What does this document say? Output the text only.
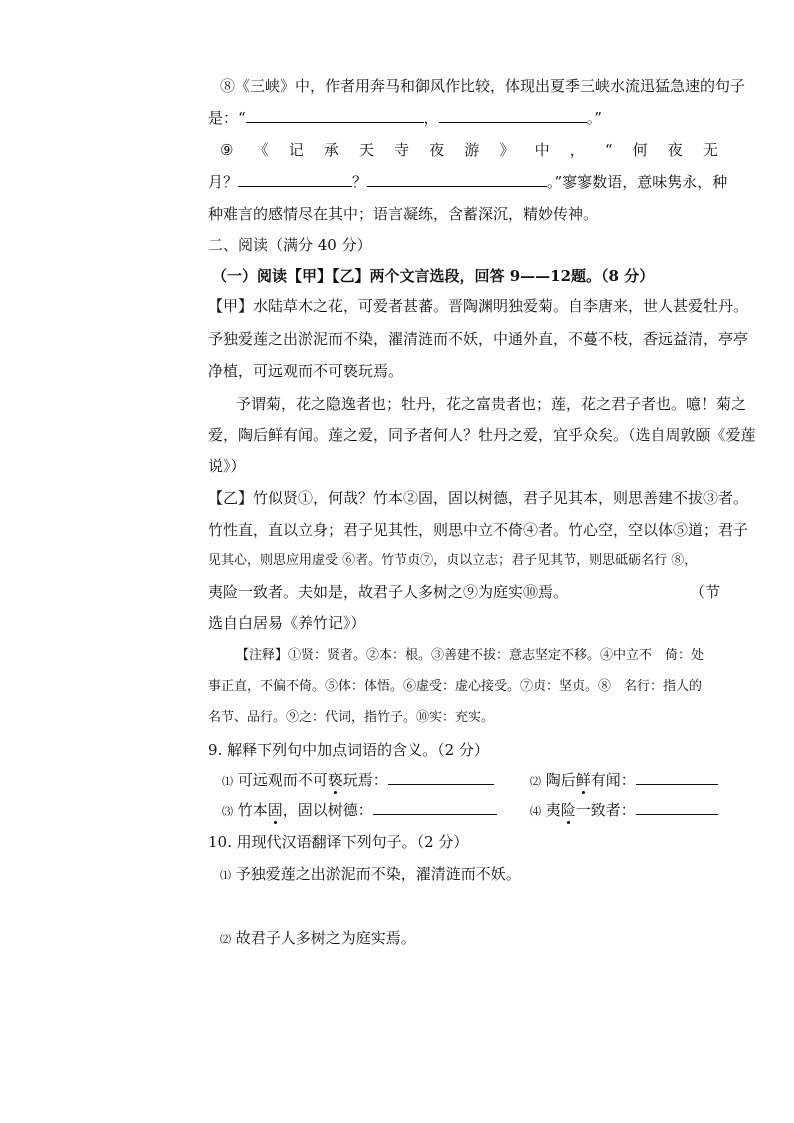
⑧《三峡》中，作者用奔马和御风作比较，体现出夏季三峡水流迅猛急速的句子
是：“	，	。”
⑨ 《 记 承 天 寺 夜 游 》 中 ， “ 何 夜 无
月？	？	。”寥寥数语，意味隽永，种
种难言的感情尽在其中；语言凝练，含蓄深沉，精妙传神。
二、阅读（满分 40 分）
（一）阅读【甲】【乙】两个文言选段，回答 9——12题。（8 分）
【甲】水陆草木之花，可爱者甚蕃。晋陶渊明独爱菊。自李唐来，世人甚爱牡丹。
予独爱莲之出淤泥而不染，濯清涟而不妖，中通外直，不蔓不枝，香远益清，亭亭
净植，可远观而不可亵玩焉。
予谓菊，花之隐逸者也；牡丹，花之富贵者也；莲，花之君子者也。噫！菊之
爱，陶后鲜有闻。莲之爱，同予者何人？牡丹之爱，宜乎众矣。（选自周敦颐《爱莲
说》）
【乙】竹似贤①，何哉？竹本②固，固以树德，君子见其本，则思善建不拔③者。
竹性直，直以立身；君子见其性，则思中立不倚④者。竹心空，空以体⑤道；君子
见其心，则思应用虚受 ⑥者。竹节贞⑦，贞以立志；君子见其节，则思砥砺名行 ⑧，
夷险一致者。夫如是，故君子人多树之⑨为庭实⑩焉。	（节
选自白居易《养竹记》）
【注释】①贤：贤者。②本：根。③善建不拔：意志坚定不移。④中立不　倚：处
事正直，不偏不倚。⑤体：体悟。⑥虚受：虚心接受。⑦贞：坚贞。⑧　名行：指人的
名节、品行。⑨之：代词，指竹子。⑩实：充实。
9. 解释下列句中加点词语的含义。（2 分）
⑴ 可远观而不可亵玩焉：	⑵ 陶后鲜有闻：
⑶ 竹本固，固以树德：	⑷ 夷险一致者：
10. 用现代汉语翻译下列句子。（2 分）
⑴ 予独爱莲之出淤泥而不染，濯清涟而不妖。
⑵ 故君子人多树之为庭实焉。
